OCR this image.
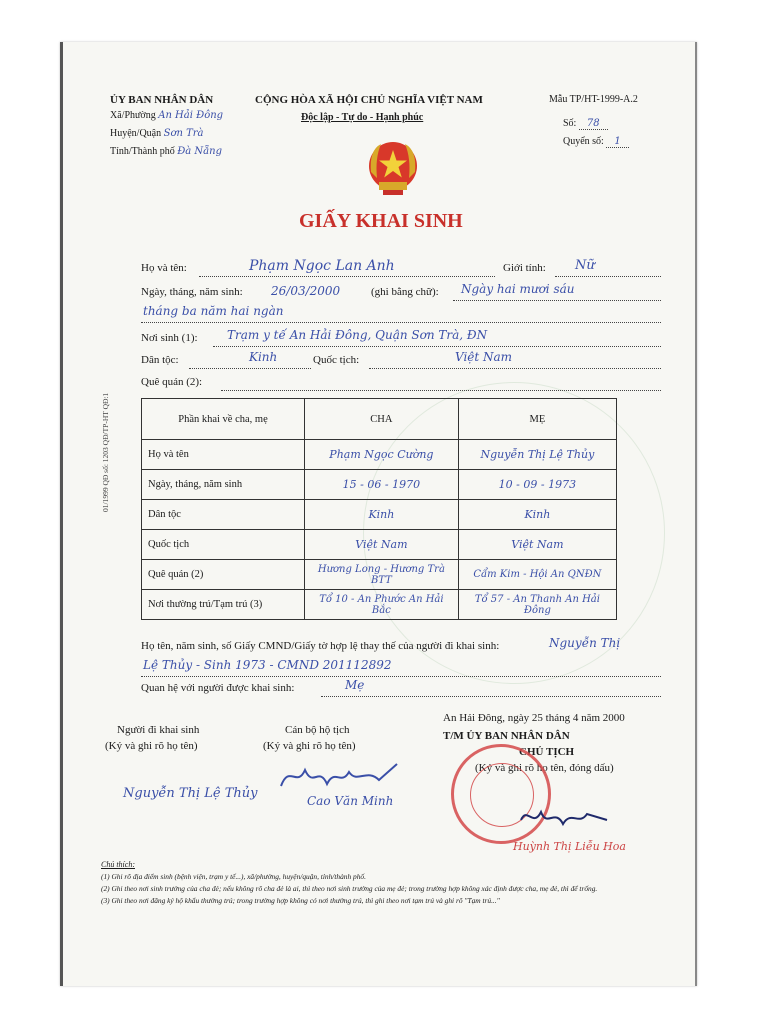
01/1999 QĐ số: 1203 QĐ/TP-HT QĐ:1
ỦY BAN NHÂN DÂN
Xã/Phường An Hải Đông
Huyện/Quận Sơn Trà
Tỉnh/Thành phố Đà Nẵng
CỘNG HÒA XÃ HỘI CHỦ NGHĨA VIỆT NAM
Độc lập - Tự do - Hạnh phúc
Mẫu TP/HT-1999-A.2
Số: 78
Quyển số: 1
GIẤY KHAI SINH
Họ và tên:	Phạm Ngọc Lan Anh	Giới tính: Nữ
Ngày, tháng, năm sinh: 26/03/2000	(ghi bằng chữ): Ngày hai mươi sáu
tháng ba năm hai ngàn
Nơi sinh (1): Trạm y tế An Hải Đông, Quận Sơn Trà, ĐN
Dân tộc:	Kinh	Quốc tịch:	Việt Nam
Quê quán (2):
Phần khai về cha, mẹ	CHA	MẸ
Họ và tên	Phạm Ngọc Cường	Nguyễn Thị Lệ Thủy
Ngày, tháng, năm sinh	15 - 06 - 1970	10 - 09 - 1973
Dân tộc	Kinh	Kinh
Quốc tịch	Việt Nam	Việt Nam
Quê quán (2)	Hương Long - Hương Trà BTT	Cẩm Kim - Hội An QNĐN
Nơi thường trú/Tạm trú (3)	Tổ 10 - An Phước An Hải Bắc	Tổ 57 - An Thanh An Hải Đông
Họ tên, năm sinh, số Giấy CMND/Giấy tờ hợp lệ thay thế của người đi khai sinh:	Nguyễn Thị
Lệ Thủy - Sinh 1973 - CMND 201112892
Quan hệ với người được khai sinh:	Mẹ
An Hải Đông, ngày 25 tháng 4 năm 2000
Người đi khai sinh
(Ký và ghi rõ họ tên)
Nguyễn Thị Lệ Thủy
Cán bộ hộ tịch
(Ký và ghi rõ họ tên)
Cao Văn Minh
T/M ỦY BAN NHÂN DÂN
CHỦ TỊCH
(Ký và ghi rõ họ tên, đóng dấu)
Huỳnh Thị Liễu Hoa
Chú thích:
(1) Ghi rõ địa điểm sinh (bệnh viện, trạm y tế...), xã/phường, huyện/quận, tỉnh/thành phố.
(2) Ghi theo nơi sinh trưởng của cha đẻ; nếu không rõ cha đẻ là ai, thì theo nơi sinh trưởng của mẹ đẻ; trong trường hợp không xác định được cha, mẹ đẻ, thì để trống.
(3) Ghi theo nơi đăng ký hộ khẩu thường trú; trong trường hợp không có nơi thường trú, thì ghi theo nơi tạm trú và ghi rõ "Tạm trú..."
